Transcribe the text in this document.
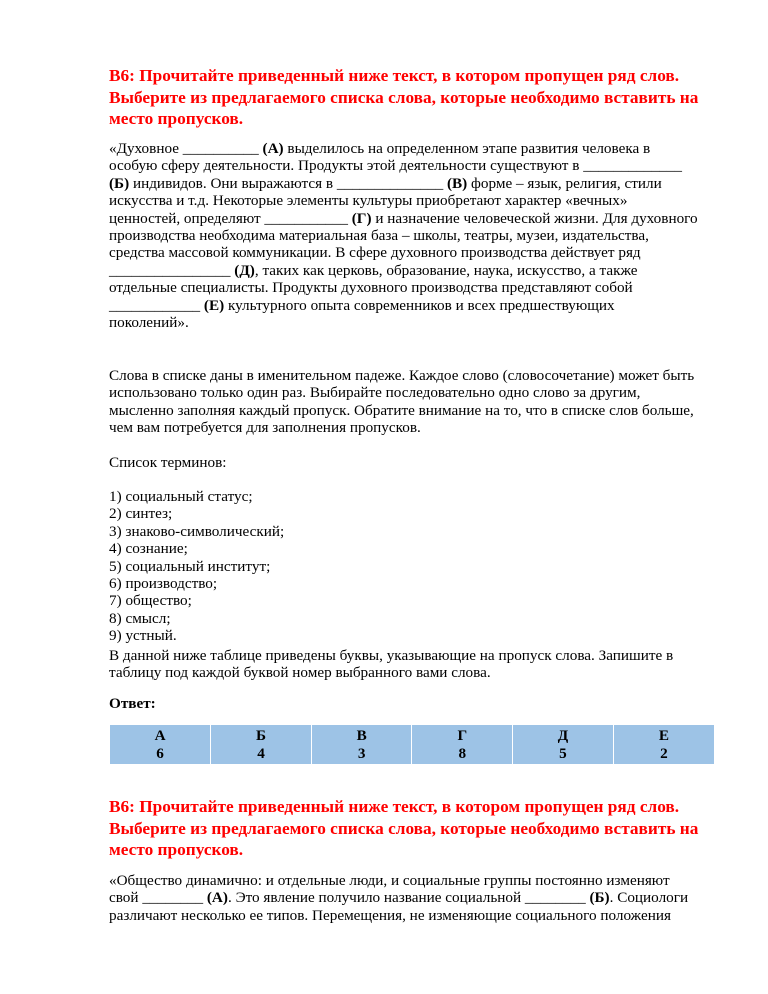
В6: Прочитайте приведенный ниже текст, в котором пропущен ряд слов.
Выберите из предлагаемого списка слова, которые необходимо вставить на
место пропусков.

«Духовное __________ (А) выделилось на определенном этапе развития человека в
особую сферу деятельности. Продукты этой деятельности существуют в _____________
(Б) индивидов. Они выражаются в ______________ (В) форме – язык, религия, стили
искусства и т.д. Некоторые элементы культуры приобретают характер «вечных»
ценностей, определяют ___________ (Г) и назначение человеческой жизни. Для духовного
производства необходима материальная база – школы, театры, музеи, издательства,
средства массовой коммуникации. В сфере духовного производства действует ряд
________________ (Д), таких как церковь, образование, наука, искусство, а также
отдельные специалисты. Продукты духовного производства представляют собой
____________ (Е) культурного опыта современников и всех предшествующих
поколений».

Слова в списке даны в именительном падеже. Каждое слово (словосочетание) может быть
использовано только один раз. Выбирайте последовательно одно слово за другим,
мысленно заполняя каждый пропуск. Обратите внимание на то, что в списке слов больше,
чем вам потребуется для заполнения пропусков.

Список терминов:

1) социальный статус;
2) синтез;
3) знаково-символический;
4) сознание;
5) социальный институт;
6) производство;
7) общество;
8) смысл;
9) устный.

В данной ниже таблице приведены буквы, указывающие на пропуск слова. Запишите в
таблицу под каждой буквой номер выбранного вами слова.

Ответ:

А	Б	В	Г	Д	Е
6	4	3	8	5	2
В6: Прочитайте приведенный ниже текст, в котором пропущен ряд слов.
Выберите из предлагаемого списка слова, которые необходимо вставить на
место пропусков.

«Общество динамично: и отдельные люди, и социальные группы постоянно изменяют
свой ________ (А). Это явление получило название социальной ________ (Б). Социологи
различают несколько ее типов. Перемещения, не изменяющие социального положения
